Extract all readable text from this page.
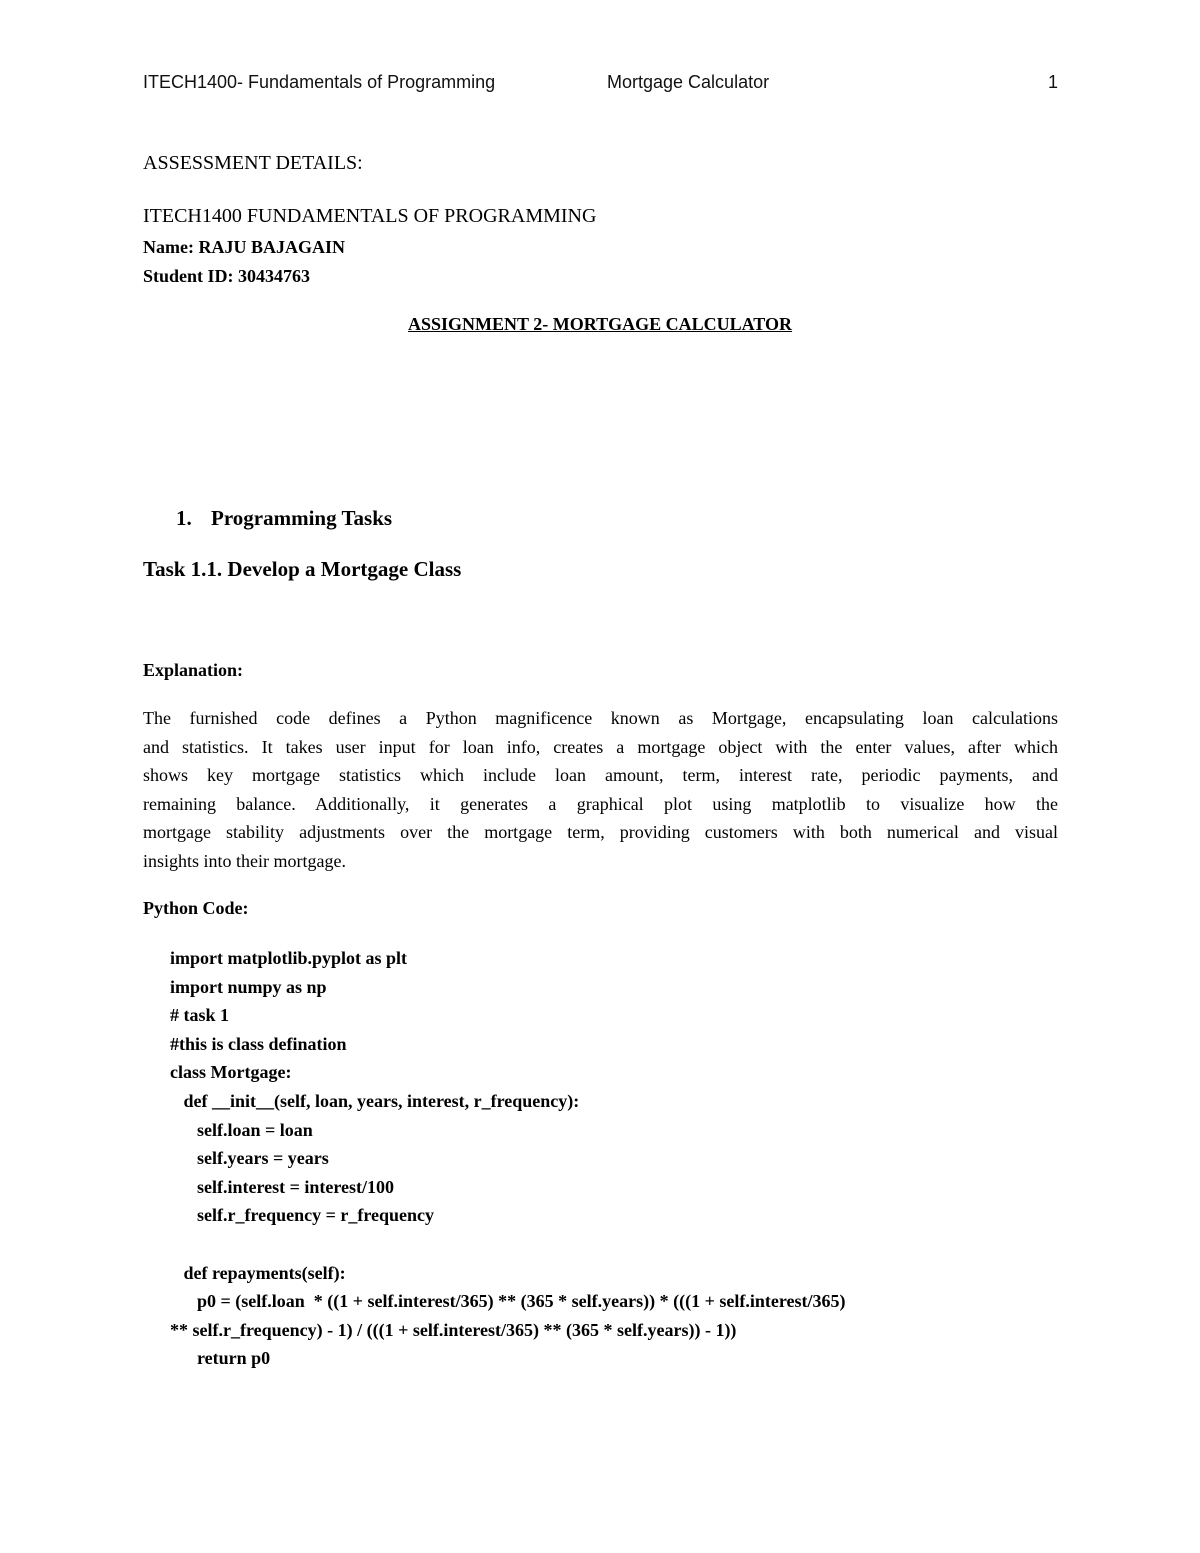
ITECH1400- Fundamentals of Programming	Mortgage Calculator	1
ASSESSMENT DETAILS:
ITECH1400 FUNDAMENTALS OF PROGRAMMING
Name: RAJU BAJAGAIN
Student ID: 30434763
ASSIGNMENT 2- MORTGAGE CALCULATOR
1. Programming Tasks
Task 1.1. Develop a Mortgage Class
Explanation:
The furnished code defines a Python magnificence known as Mortgage, encapsulating loan calculations
and statistics. It takes user input for loan info, creates a mortgage object with the enter values, after which
shows key mortgage statistics which include loan amount, term, interest rate, periodic payments, and
remaining balance. Additionally, it generates a graphical plot using matplotlib to visualize how the
mortgage stability adjustments over the mortgage term, providing customers with both numerical and visual
insights into their mortgage.
Python Code:
import matplotlib.pyplot as plt
import numpy as np
# task 1
#this is class defination
class Mortgage:
def __init__(self, loan, years, interest, r_frequency):
self.loan = loan
self.years = years
self.interest = interest/100
self.r_frequency = r_frequency
def repayments(self):
p0 = (self.loan  * ((1 + self.interest/365) ** (365 * self.years)) * (((1 + self.interest/365)
** self.r_frequency) - 1) / (((1 + self.interest/365) ** (365 * self.years)) - 1))
return p0
